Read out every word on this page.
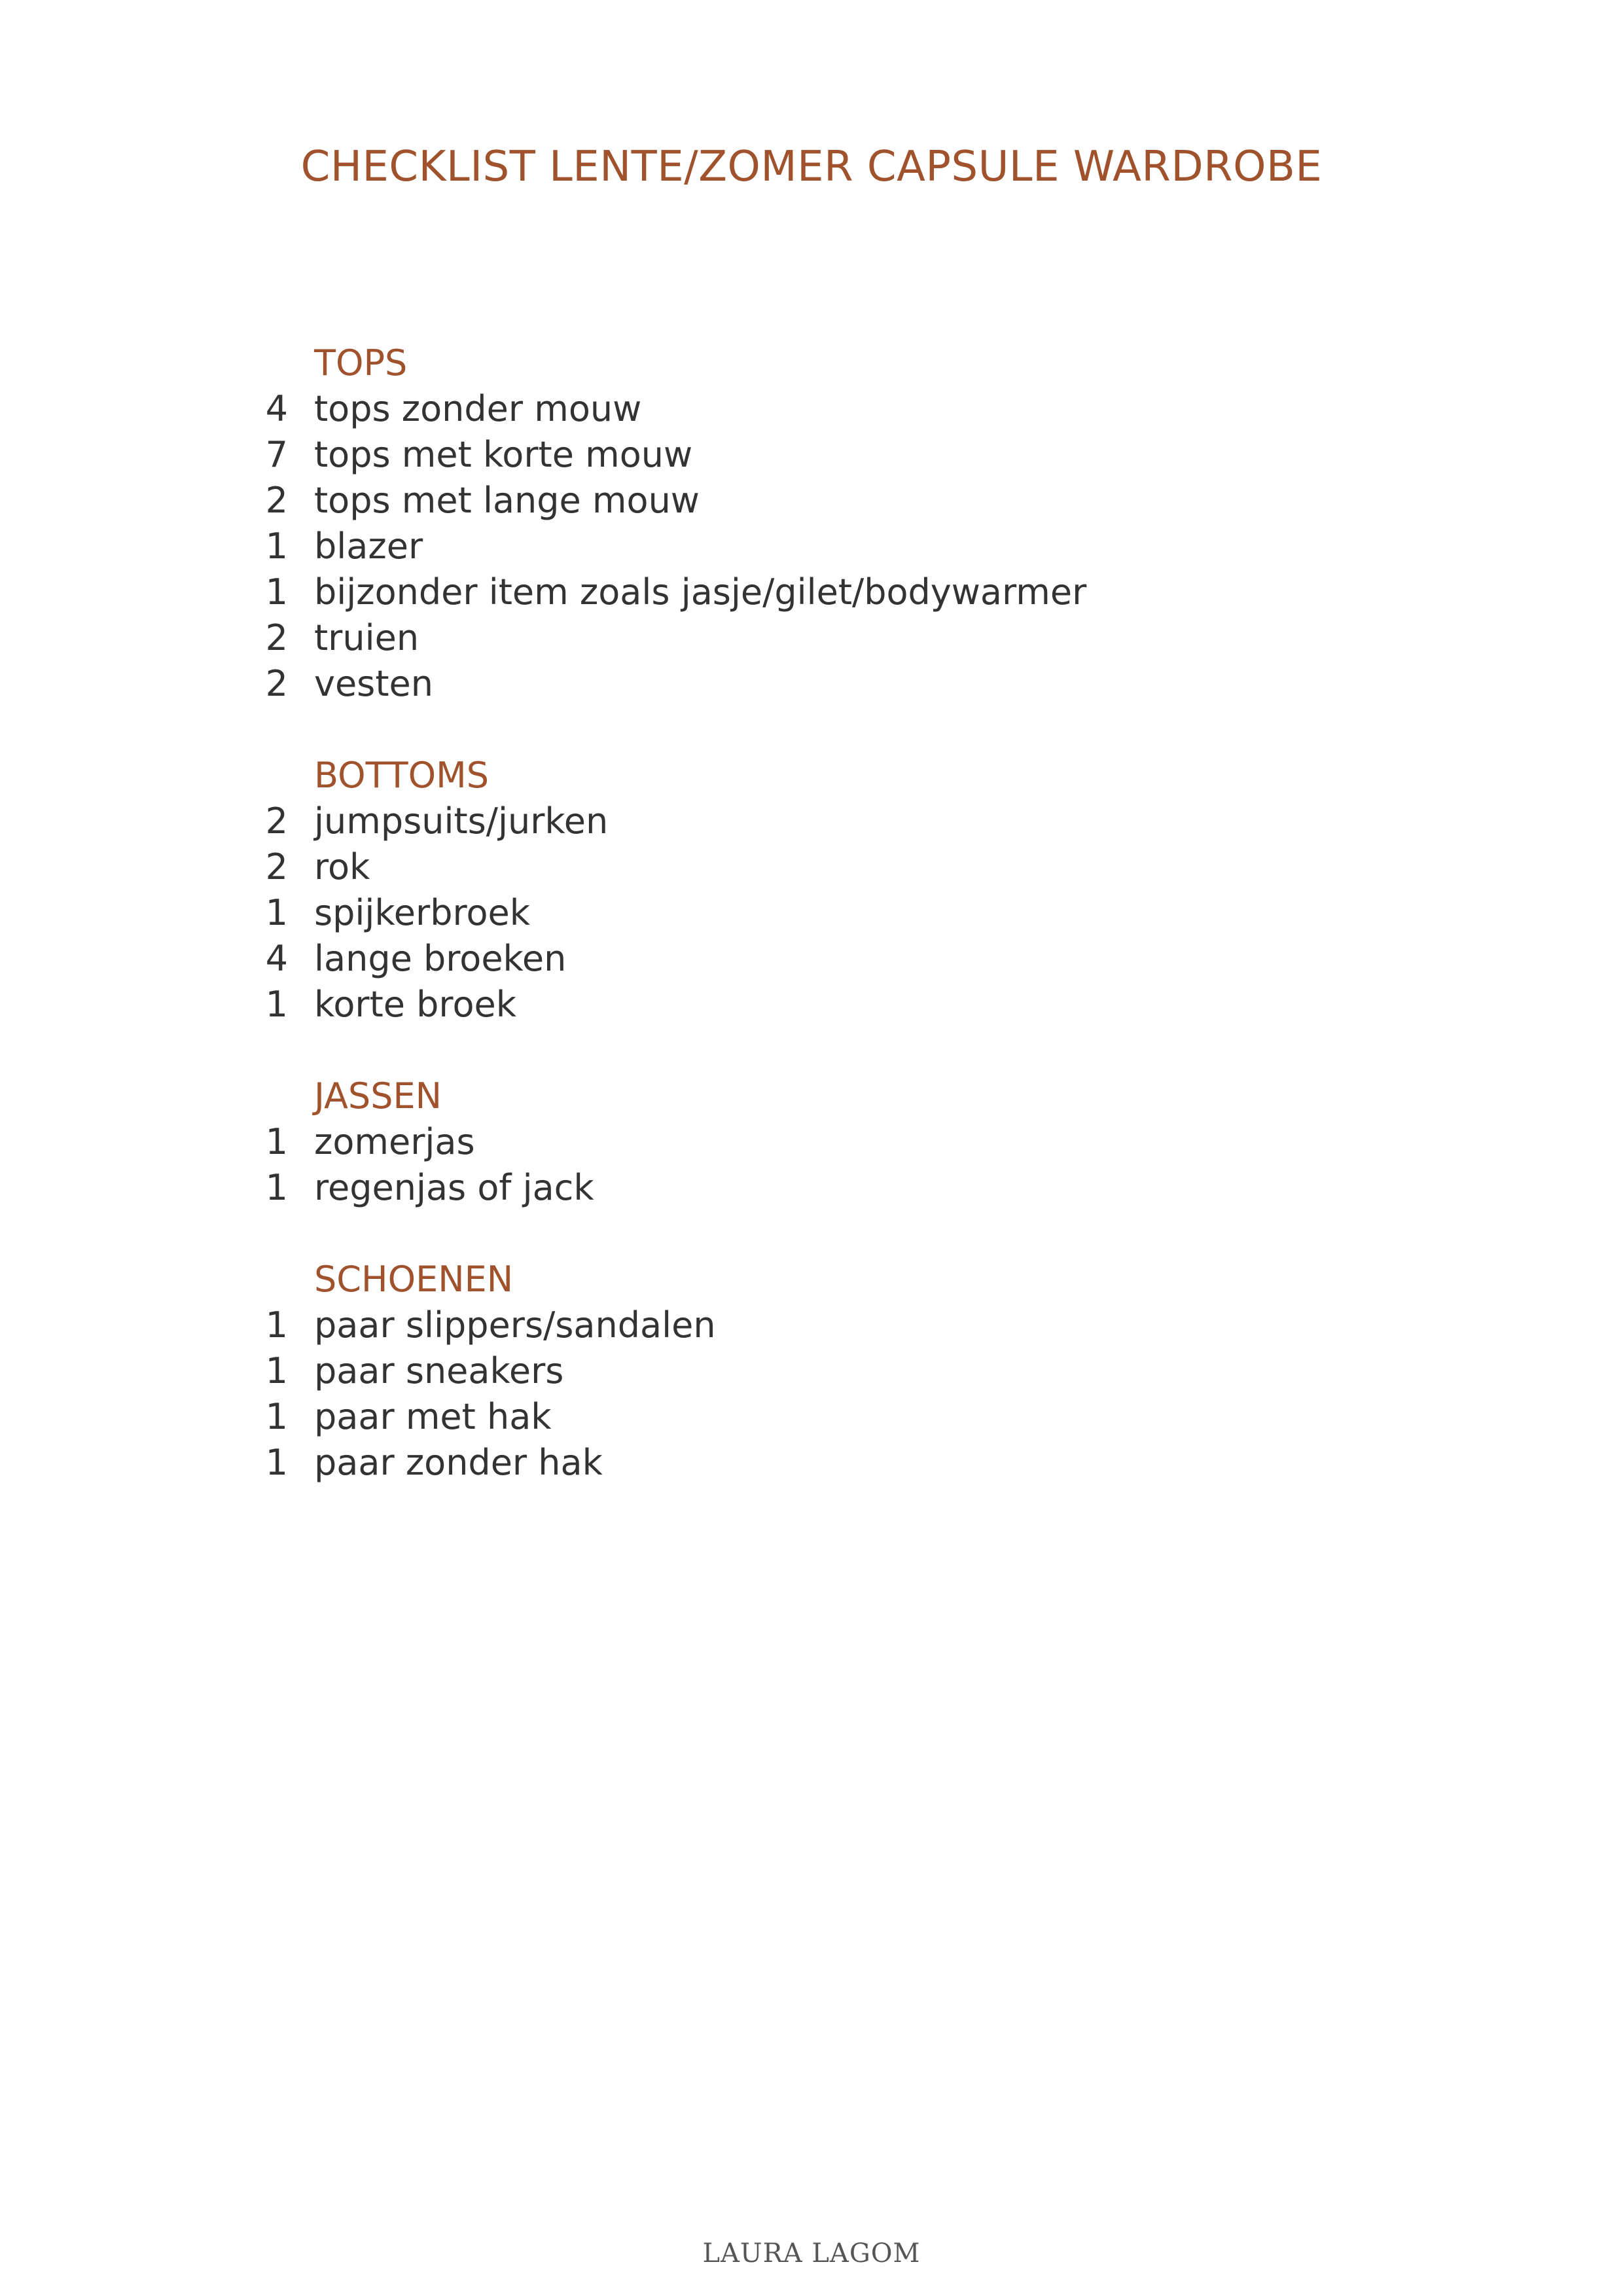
CHECKLIST LENTE/ZOMER CAPSULE WARDROBE
TOPS
4 tops zonder mouw
7 tops met korte mouw
2 tops met lange mouw
1 blazer
1 bijzonder item zoals jasje/gilet/bodywarmer
2 truien
2 vesten
BOTTOMS
2 jumpsuits/jurken
2 rok
1 spijkerbroek
4 lange broeken
1 korte broek
JASSEN
1 zomerjas
1 regenjas of jack
SCHOENEN
1 paar slippers/sandalen
1 paar sneakers
1 paar met hak
1 paar zonder hak
LAURA LAGOM
